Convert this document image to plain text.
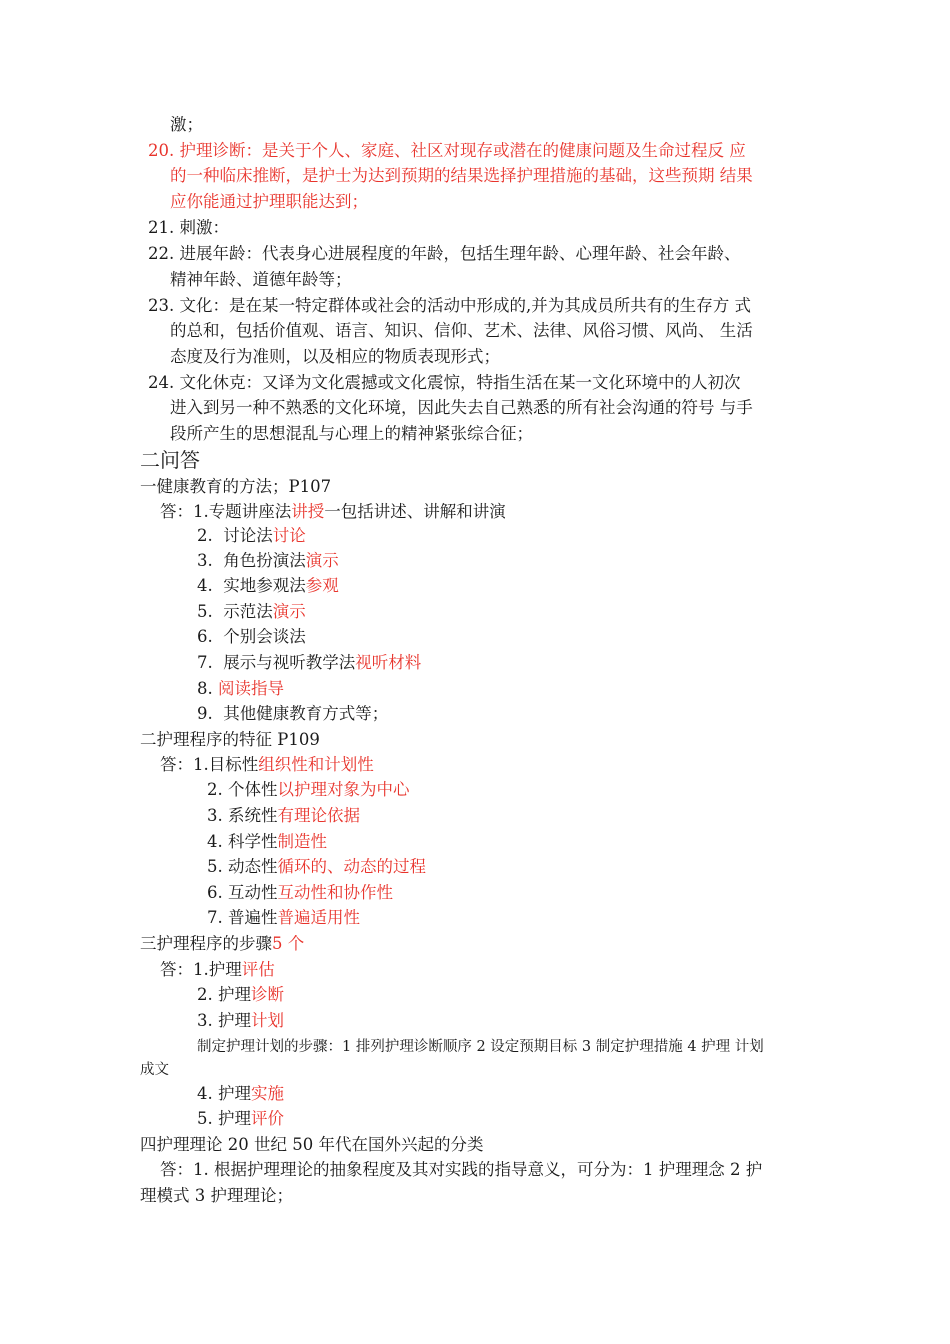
激；
20. 护理诊断：是关于个人、家庭、社区对现存或潜在的健康问题及生命过程反 应
的一种临床推断，是护士为达到预期的结果选择护理措施的基础，这些预期 结果
应你能通过护理职能达到；
21. 刺激：
22. 进展年龄：代表身心进展程度的年龄，包括生理年龄、心理年龄、社会年龄、
精神年龄、道德年龄等；
23. 文化：是在某一特定群体或社会的活动中形成的,并为其成员所共有的生存方 式
的总和，包括价值观、语言、知识、信仰、艺术、法律、风俗习惯、风尚、 生活
态度及行为准则，以及相应的物质表现形式；
24. 文化休克：又译为文化震撼或文化震惊，特指生活在某一文化环境中的人初次
进入到另一种不熟悉的文化环境，因此失去自己熟悉的所有社会沟通的符号 与手
段所产生的思想混乱与心理上的精神紧张综合征；
二问答
一健康教育的方法；P107
答：1.专题讲座法讲授一包括讲述、讲解和讲演
2. 讨论法讨论
3. 角色扮演法演示
4. 实地参观法参观
5. 示范法演示
6. 个别会谈法
7. 展示与视听教学法视听材料
8. 阅读指导
9. 其他健康教育方式等；
二护理程序的特征 P109
答：1.目标性组织性和计划性
2. 个体性以护理对象为中心
3. 系统性有理论依据
4. 科学性制造性
5. 动态性循环的、动态的过程
6. 互动性互动性和协作性
7. 普遍性普遍适用性
三护理程序的步骤5 个
答：1.护理评估
2. 护理诊断
3. 护理计划
制定护理计划的步骤：1 排列护理诊断顺序 2 设定预期目标 3 制定护理措施 4 护理 计划
成文
4. 护理实施
5. 护理评价
四护理理论 20 世纪 50 年代在国外兴起的分类
答：1. 根据护理理论的抽象程度及其对实践的指导意义，可分为：1 护理理念 2 护
理模式 3 护理理论；
